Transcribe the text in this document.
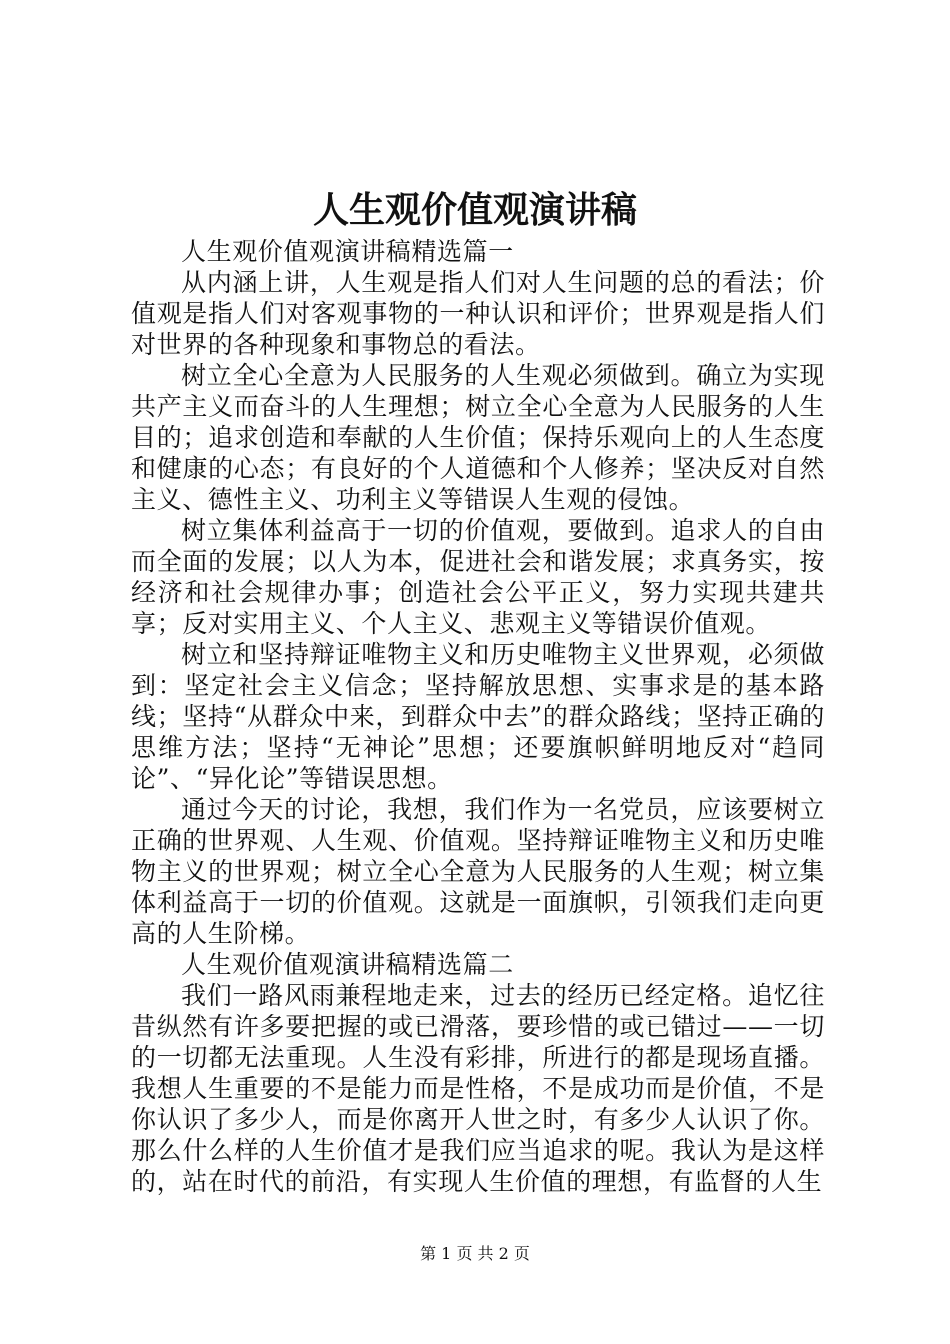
人生观价值观演讲稿

人生观价值观演讲稿精选篇一

从内涵上讲，人生观是指人们对人生问题的总的看法；价值观是指人们对客观事物的一种认识和评价；世界观是指人们对世界的各种现象和事物总的看法。

树立全心全意为人民服务的人生观必须做到。确立为实现共产主义而奋斗的人生理想；树立全心全意为人民服务的人生目的；追求创造和奉献的人生价值；保持乐观向上的人生态度和健康的心态；有良好的个人道德和个人修养；坚决反对自然主义、德性主义、功利主义等错误人生观的侵蚀。

树立集体利益高于一切的价值观，要做到。追求人的自由而全面的发展；以人为本，促进社会和谐发展；求真务实，按经济和社会规律办事；创造社会公平正义，努力实现共建共享；反对实用主义、个人主义、悲观主义等错误价值观。

树立和坚持辩证唯物主义和历史唯物主义世界观，必须做到：坚定社会主义信念；坚持解放思想、实事求是的基本路线；坚持“从群众中来，到群众中去”的群众路线；坚持正确的思维方法；坚持“无神论”思想；还要旗帜鲜明地反对“趋同论”、“异化论”等错误思想。

通过今天的讨论，我想，我们作为一名党员，应该要树立正确的世界观、人生观、价值观。坚持辩证唯物主义和历史唯物主义的世界观；树立全心全意为人民服务的人生观；树立集体利益高于一切的价值观。这就是一面旗帜，引领我们走向更高的人生阶梯。

人生观价值观演讲稿精选篇二

我们一路风雨兼程地走来，过去的经历已经定格。追忆往昔纵然有许多要把握的或已滑落，要珍惜的或已错过——一切的一切都无法重现。人生没有彩排，所进行的都是现场直播。我想人生重要的不是能力而是性格，不是成功而是价值，不是你认识了多少人，而是你离开人世之时，有多少人认识了你。那么什么样的人生价值才是我们应当追求的呢。我认为是这样的，站在时代的前沿，有实现人生价值的理想，有监督的人生

第 1 页 共 2 页
